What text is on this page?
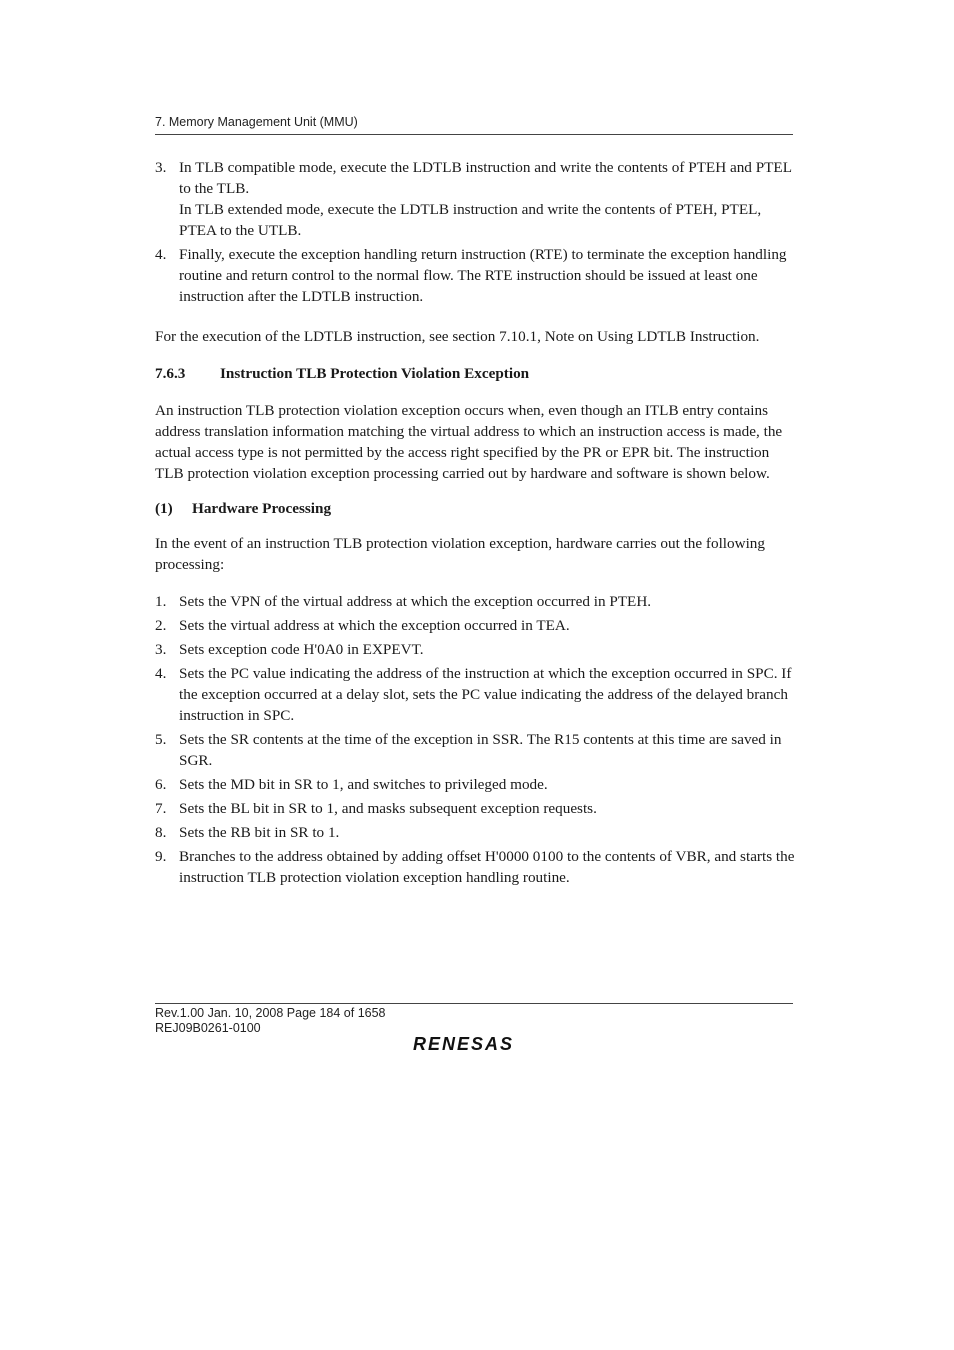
7. Memory Management Unit (MMU)
3. In TLB compatible mode, execute the LDTLB instruction and write the contents of PTEH and PTEL to the TLB.

In TLB extended mode, execute the LDTLB instruction and write the contents of PTEH, PTEL, PTEA to the UTLB.

4. Finally, execute the exception handling return instruction (RTE) to terminate the exception handling routine and return control to the normal flow. The RTE instruction should be issued at least one instruction after the LDTLB instruction.

For the execution of the LDTLB instruction, see section 7.10.1, Note on Using LDTLB Instruction.

7.6.3	Instruction TLB Protection Violation Exception

An instruction TLB protection violation exception occurs when, even though an ITLB entry contains address translation information matching the virtual address to which an instruction access is made, the actual access type is not permitted by the access right specified by the PR or EPR bit. The instruction TLB protection violation exception processing carried out by hardware and software is shown below.

(1)	Hardware Processing

In the event of an instruction TLB protection violation exception, hardware carries out the following processing:

1. Sets the VPN of the virtual address at which the exception occurred in PTEH.

2. Sets the virtual address at which the exception occurred in TEA.

3. Sets exception code H'0A0 in EXPEVT.

4. Sets the PC value indicating the address of the instruction at which the exception occurred in SPC. If the exception occurred at a delay slot, sets the PC value indicating the address of the delayed branch instruction in SPC.

5. Sets the SR contents at the time of the exception in SSR. The R15 contents at this time are saved in SGR.

6. Sets the MD bit in SR to 1, and switches to privileged mode.

7. Sets the BL bit in SR to 1, and masks subsequent exception requests.

8. Sets the RB bit in SR to 1.

9. Branches to the address obtained by adding offset H'0000 0100 to the contents of VBR, and starts the instruction TLB protection violation exception handling routine.

Rev.1.00 Jan. 10, 2008 Page 184 of 1658
REJ09B0261-0100
RENESAS
